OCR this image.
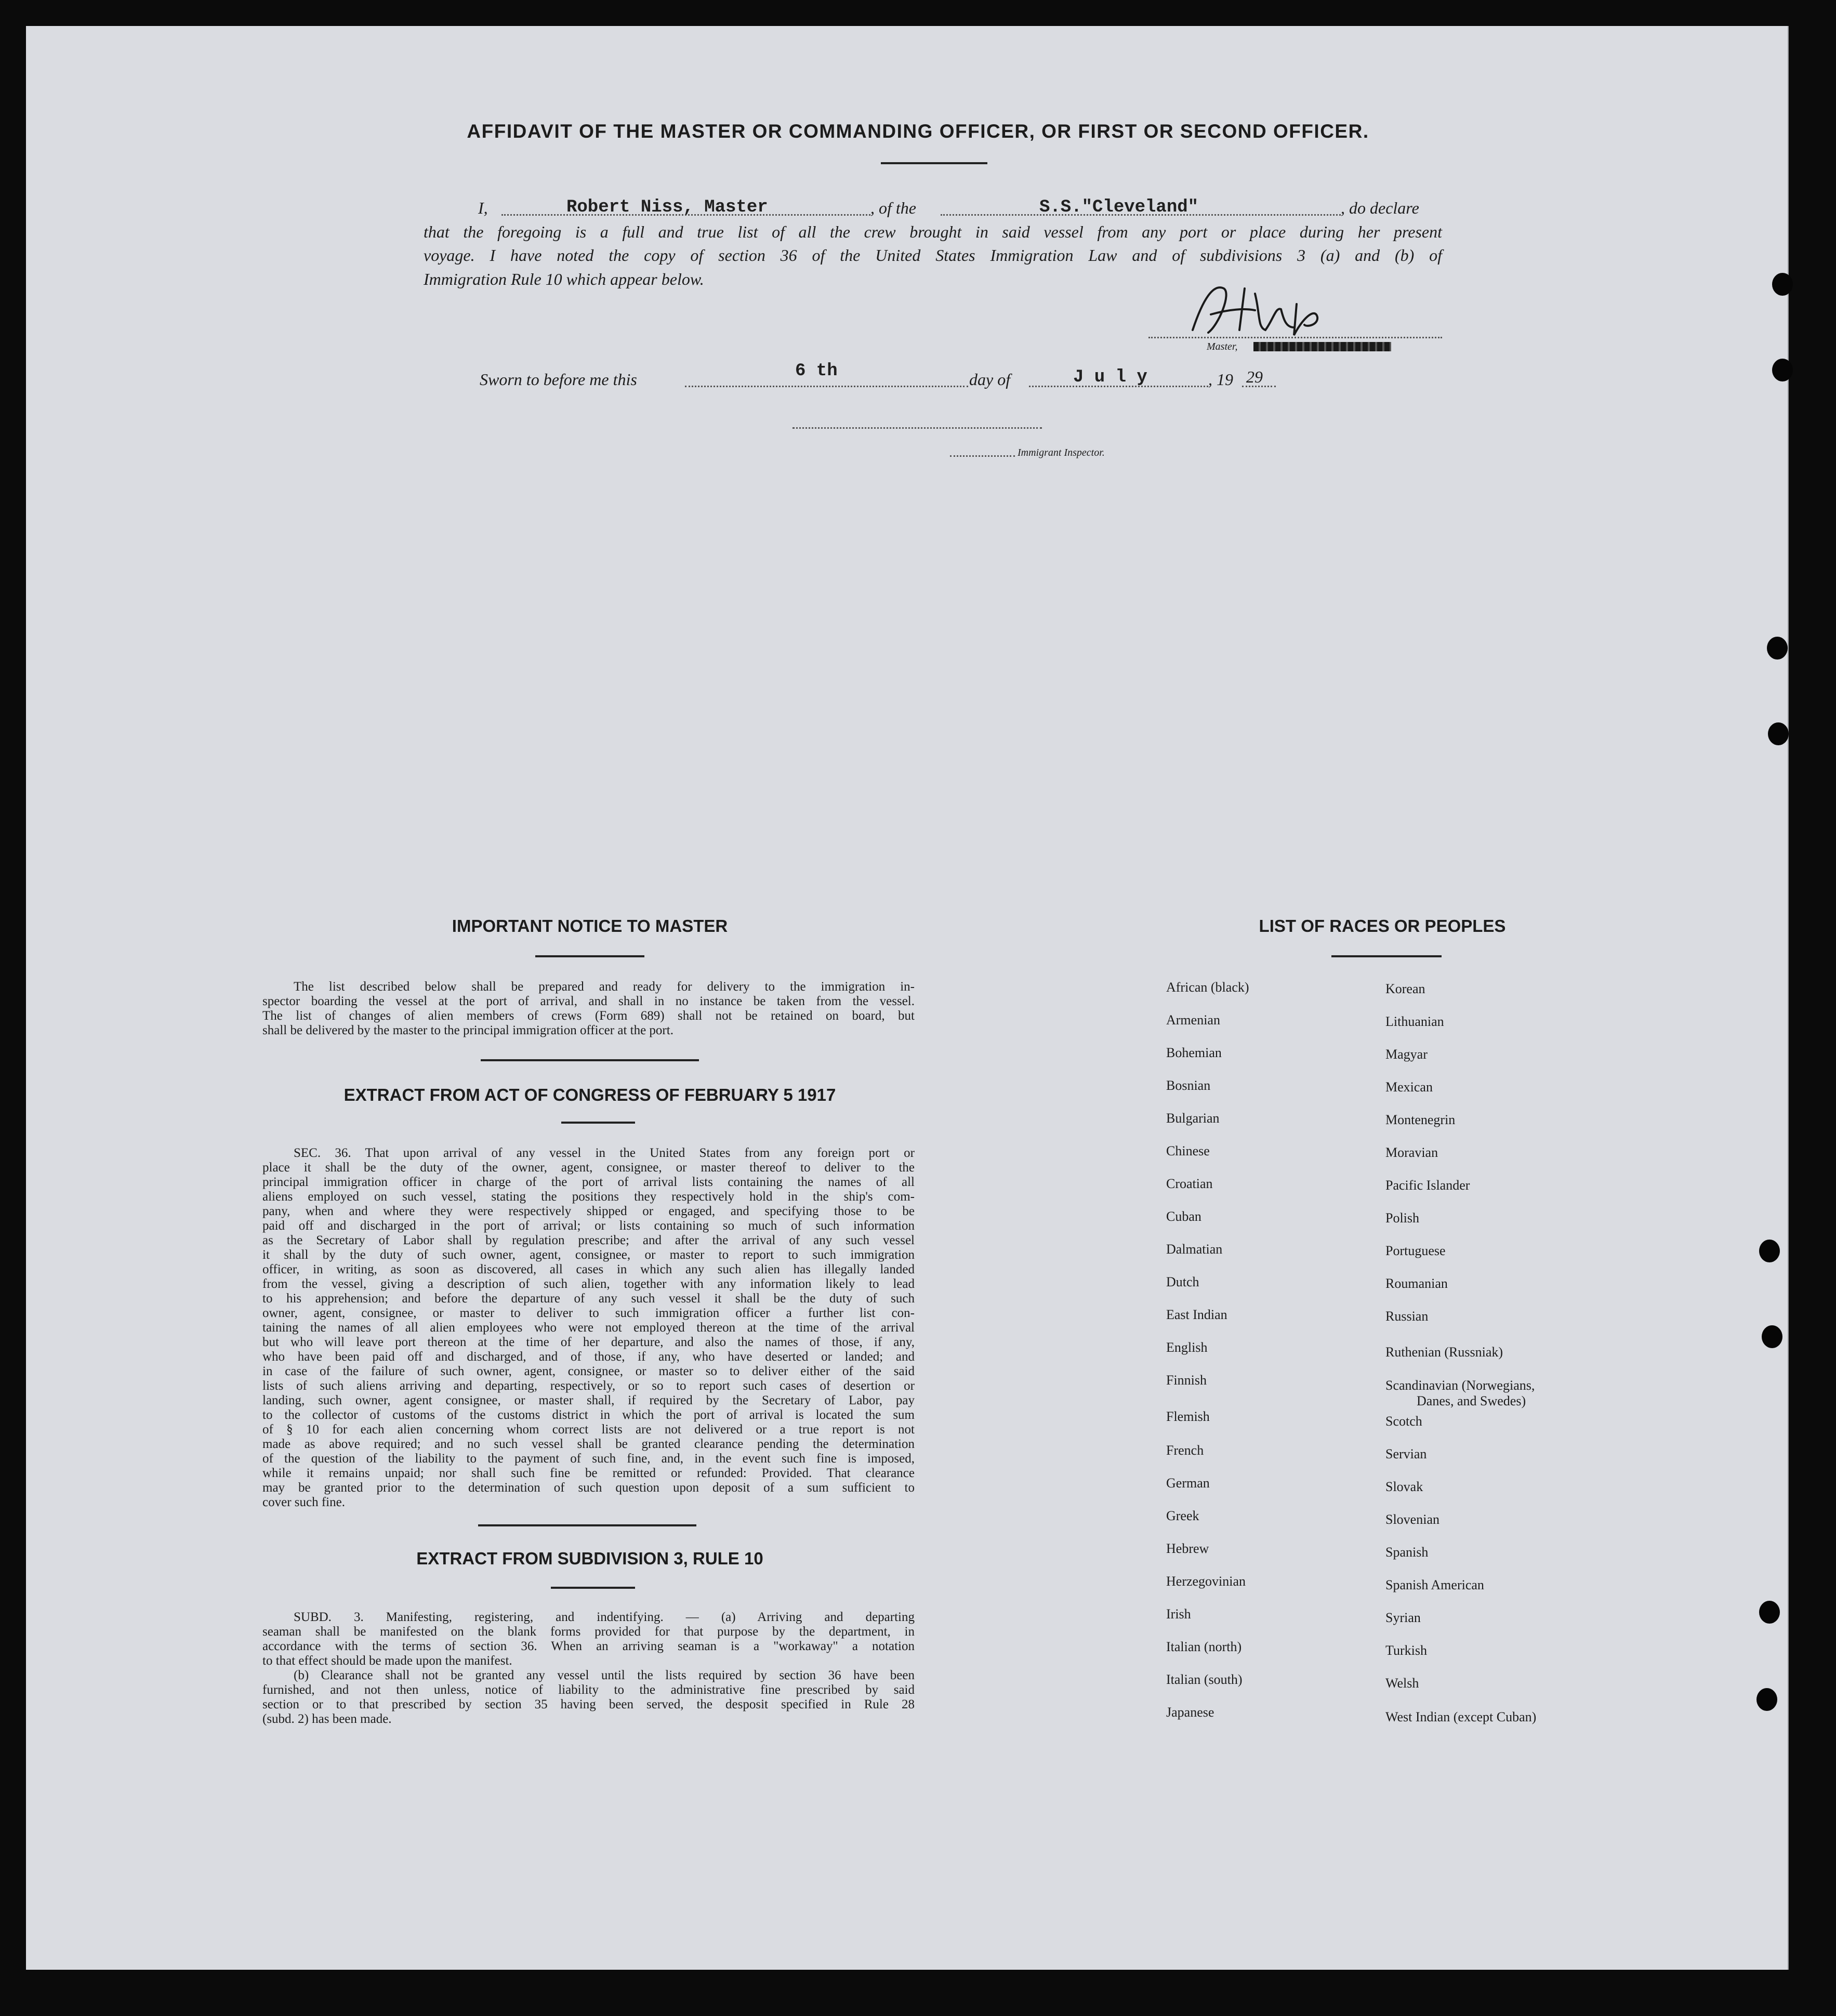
AFFIDAVIT OF THE MASTER OR COMMANDING OFFICER, OR FIRST OR SECOND OFFICER.
I,	Robert Niss, Master	, of the	S.S."Cleveland"	, do declare
that the foregoing is a full and true list of all the crew brought in said vessel from any port or place during her present
voyage. I have noted the copy of section 36 of the United States Immigration Law and of subdivisions 3 (a) and (b) of
Immigration Rule 10 which appear below.
Master,
Sworn to before me this	6 th	day of	J u l y	, 19 29
Immigrant Inspector.
IMPORTANT NOTICE TO MASTER
The list described below shall be prepared and ready for delivery to the immigration in-
spector boarding the vessel at the port of arrival, and shall in no instance be taken from the vessel.
The list of changes of alien members of crews (Form 689) shall not be retained on board, but
shall be delivered by the master to the principal immigration officer at the port.
EXTRACT FROM ACT OF CONGRESS OF FEBRUARY 5 1917
SEC. 36. That upon arrival of any vessel in the United States from any foreign port or
place it shall be the duty of the owner, agent, consignee, or master thereof to deliver to the
principal immigration officer in charge of the port of arrival lists containing the names of all
aliens employed on such vessel, stating the positions they respectively hold in the ship's com-
pany, when and where they were respectively shipped or engaged, and specifying those to be
paid off and discharged in the port of arrival; or lists containing so much of such information
as the Secretary of Labor shall by regulation prescribe; and after the arrival of any such vessel
it shall by the duty of such owner, agent, consignee, or master to report to such immigration
officer, in writing, as soon as discovered, all cases in which any such alien has illegally landed
from the vessel, giving a description of such alien, together with any information likely to lead
to his apprehension; and before the departure of any such vessel it shall be the duty of such
owner, agent, consignee, or master to deliver to such immigration officer a further list con-
taining the names of all alien employees who were not employed thereon at the time of the arrival
but who will leave port thereon at the time of her departure, and also the names of those, if any,
who have been paid off and discharged, and of those, if any, who have deserted or landed; and
in case of the failure of such owner, agent, consignee, or master so to deliver either of the said
lists of such aliens arriving and departing, respectively, or so to report such cases of desertion or
landing, such owner, agent consignee, or master shall, if required by the Secretary of Labor, pay
to the collector of customs of the customs district in which the port of arrival is located the sum
of § 10 for each alien concerning whom correct lists are not delivered or a true report is not
made as above required; and no such vessel shall be granted clearance pending the determination
of the question of the liability to the payment of such fine, and, in the event such fine is imposed,
while it remains unpaid; nor shall such fine be remitted or refunded: Provided. That clearance
may be granted prior to the determination of such question upon deposit of a sum sufficient to
cover such fine.
EXTRACT FROM SUBDIVISION 3, RULE 10
SUBD. 3. Manifesting, registering, and indentifying. — (a) Arriving and departing
seaman shall be manifested on the blank forms provided for that purpose by the department, in
accordance with the terms of section 36. When an arriving seaman is a "workaway" a notation
to that effect should be made upon the manifest.
(b) Clearance shall not be granted any vessel until the lists required by section 36 have been
furnished, and not then unless, notice of liability to the administrative fine prescribed by said
section or to that prescribed by section 35 having been served, the desposit specified in Rule 28
(subd. 2) has been made.
LIST OF RACES OR PEOPLES
African (black)
Armenian
Bohemian
Bosnian
Bulgarian
Chinese
Croatian
Cuban
Dalmatian
Dutch
East Indian
English
Finnish
Flemish
French
German
Greek
Hebrew
Herzegovinian
Irish
Italian (north)
Italian (south)
Japanese
Korean
Lithuanian
Magyar
Mexican
Montenegrin
Moravian
Pacific Islander
Polish
Portuguese
Roumanian
Russian
Ruthenian (Russniak)
Scandinavian (Norwegians,
Danes, and Swedes)
Scotch
Servian
Slovak
Slovenian
Spanish
Spanish American
Syrian
Turkish
Welsh
West Indian (except Cuban)
